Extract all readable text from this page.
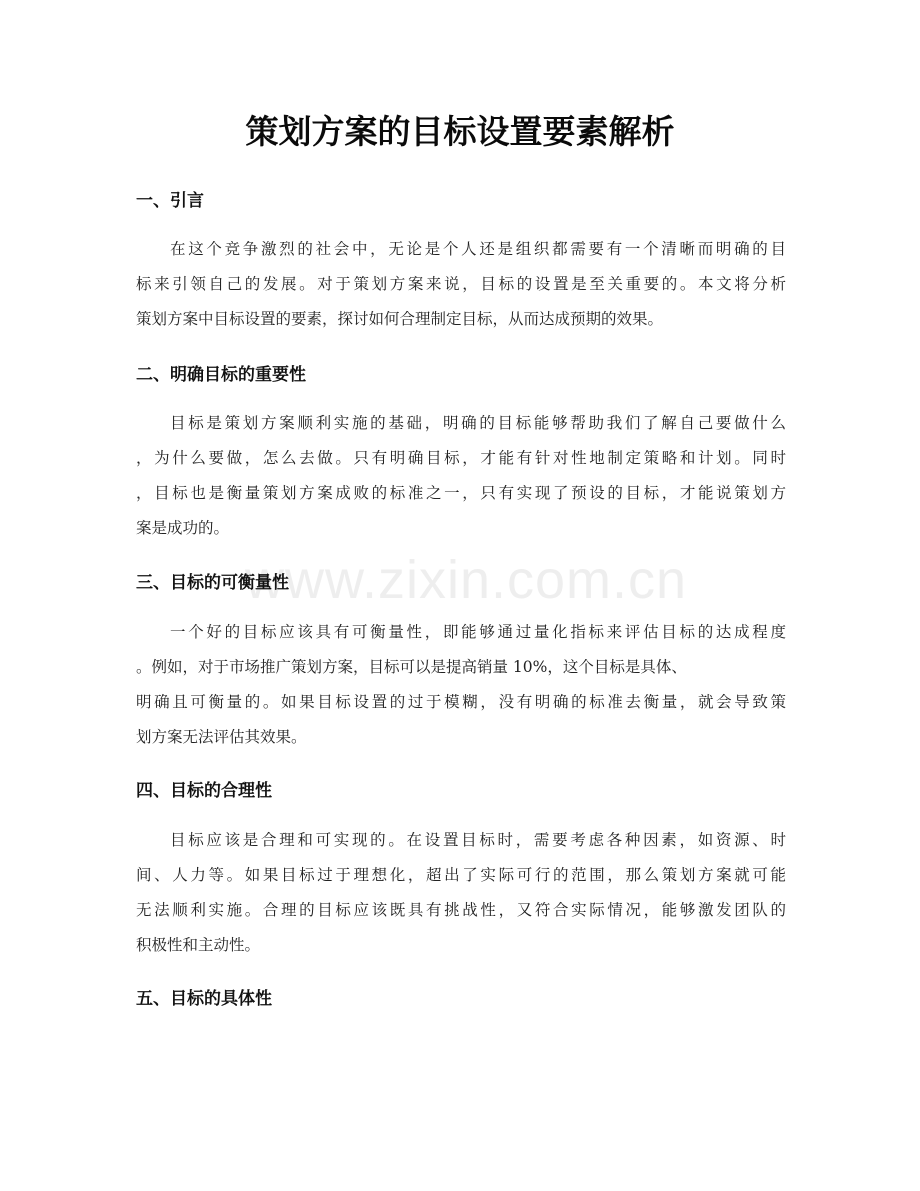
策划方案的目标设置要素解析
www.zixin.com.cn
一、引言
在这个竞争激烈的社会中，无论是个人还是组织都需要有一个清晰而明确的目
标来引领自己的发展。对于策划方案来说，目标的设置是至关重要的。本文将分析
策划方案中目标设置的要素，探讨如何合理制定目标，从而达成预期的效果。
二、明确目标的重要性
目标是策划方案顺利实施的基础，明确的目标能够帮助我们了解自己要做什么
，为什么要做，怎么去做。只有明确目标，才能有针对性地制定策略和计划。同时
，目标也是衡量策划方案成败的标准之一，只有实现了预设的目标，才能说策划方
案是成功的。
三、目标的可衡量性
一个好的目标应该具有可衡量性，即能够通过量化指标来评估目标的达成程度
。例如，对于市场推广策划方案，目标可以是提高销量 10%，这个目标是具体、
明确且可衡量的。如果目标设置的过于模糊，没有明确的标准去衡量，就会导致策
划方案无法评估其效果。
四、目标的合理性
目标应该是合理和可实现的。在设置目标时，需要考虑各种因素，如资源、时
间、人力等。如果目标过于理想化，超出了实际可行的范围，那么策划方案就可能
无法顺利实施。合理的目标应该既具有挑战性，又符合实际情况，能够激发团队的
积极性和主动性。
五、目标的具体性
